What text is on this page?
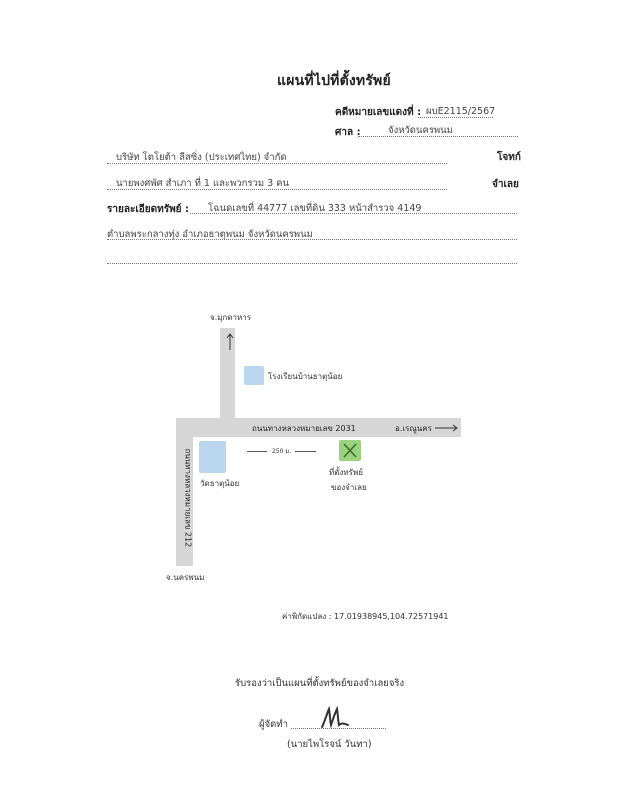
แผนที่ไปที่ตั้งทรัพย์
คดีหมายเลขแดงที่ : ผบE2115/2567
ศาล :	จังหวัดนครพนม
บริษัท โตโยต้า ลีสซิ่ง (ประเทศไทย) จำกัด	โจทก์
นายพงศพัศ สำเภา ที่ 1 และพวกรวม 3 คน	จำเลย
รายละเอียดทรัพย์ : โฉนดเลขที่ 44777 เลขที่ดิน 333 หน้าสำรวจ 4149
ตำบลพระกลางทุ่ง อำเภอธาตุพนม จังหวัดนครพนม
จ.มุกดาหาร
โรงเรียนบ้านธาตุน้อย
ถนนทางหลวงหมายเลข 2031	อ.เรณูนคร
ถนนทางหลวงหมายเลข 212 วัดธาตุน้อย
250 ม.
ที่ตั้งทรัพย์
ของจำเลย
จ.นครพนม
ค่าพิกัดแปลง : 17.01938945,104.72571941
รับรองว่าเป็นแผนที่ตั้งทรัพย์ของจำเลยจริง
ผู้จัดทำ
(นายไพโรจน์ วันทา)
